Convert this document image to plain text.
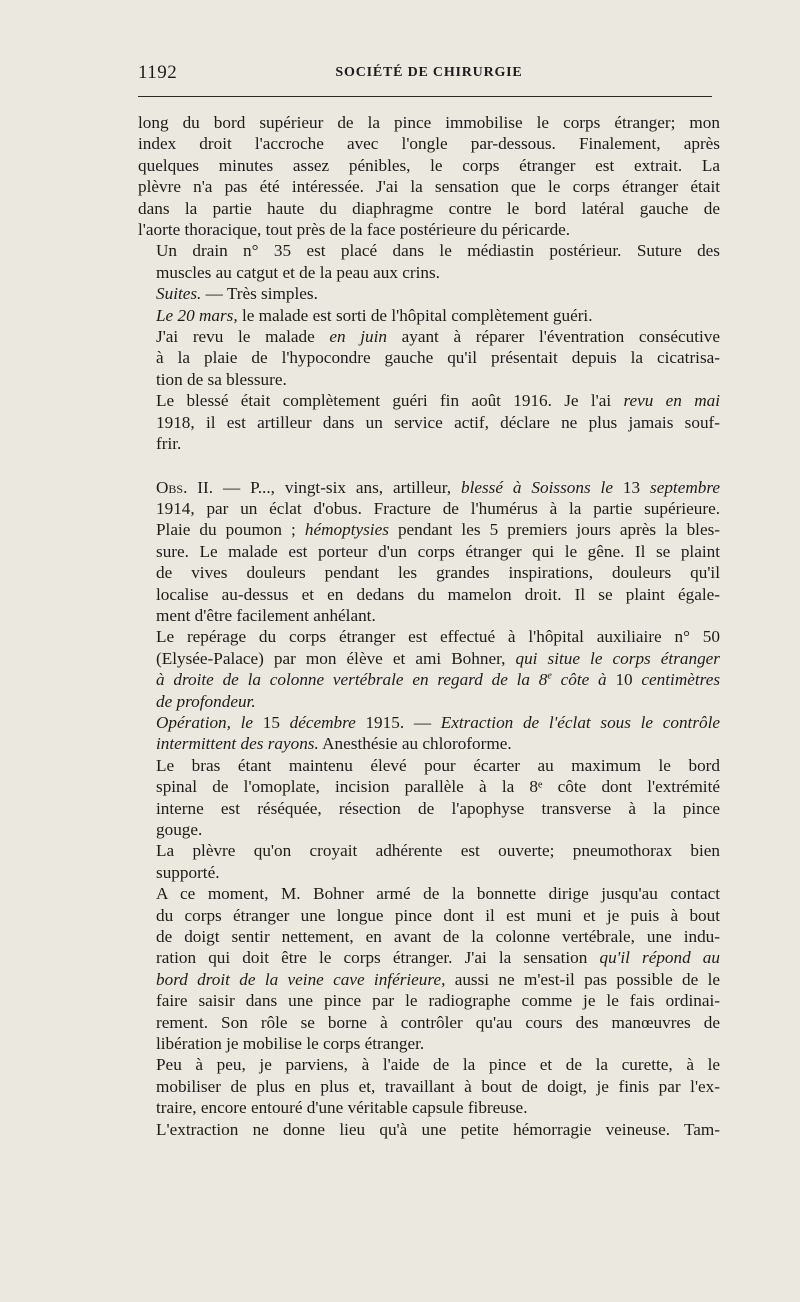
1192	SOCIÉTÉ DE CHIRURGIE

long du bord supérieur de la pince immobilise le corps étranger; mon
index droit l'accroche avec l'ongle par-dessous. Finalement, après
quelques minutes assez pénibles, le corps étranger est extrait. La
plèvre n'a pas été intéressée. J'ai la sensation que le corps étranger était
dans la partie haute du diaphragme contre le bord latéral gauche de
l'aorte thoracique, tout près de la face postérieure du péricarde.

Un drain n° 35 est placé dans le médiastin postérieur. Suture des
muscles au catgut et de la peau aux crins.

Suites. — Très simples.

Le 20 mars, le malade est sorti de l'hôpital complètement guéri.

J'ai revu le malade en juin ayant à réparer l'éventration consécutive
à la plaie de l'hypocondre gauche qu'il présentait depuis la cicatrisa-
tion de sa blessure.

Le blessé était complètement guéri fin août 1916. Je l'ai revu en mai
1918, il est artilleur dans un service actif, déclare ne plus jamais souf-
frir.

Obs. II. — P..., vingt-six ans, artilleur, blessé à Soissons le 13 septembre
1914, par un éclat d'obus. Fracture de l'humérus à la partie supérieure.
Plaie du poumon ; hémoptysies pendant les 5 premiers jours après la bles-
sure. Le malade est porteur d'un corps étranger qui le gêne. Il se plaint
de vives douleurs pendant les grandes inspirations, douleurs qu'il
localise au-dessus et en dedans du mamelon droit. Il se plaint égale-
ment d'être facilement anhélant.

Le repérage du corps étranger est effectué à l'hôpital auxiliaire n° 50
(Elysée-Palace) par mon élève et ami Bohner, qui situe le corps étranger
à droite de la colonne vertébrale en regard de la 8e côte à 10 centimètres
de profondeur.

Opération, le 15 décembre 1915. — Extraction de l'éclat sous le contrôle
intermittent des rayons. Anesthésie au chloroforme.

Le bras étant maintenu élevé pour écarter au maximum le bord
spinal de l'omoplate, incision parallèle à la 8ᵉ côte dont l'extrémité
interne est réséquée, résection de l'apophyse transverse à la pince
gouge.

La plèvre qu'on croyait adhérente est ouverte; pneumothorax bien
supporté.

A ce moment, M. Bohner armé de la bonnette dirige jusqu'au contact
du corps étranger une longue pince dont il est muni et je puis à bout
de doigt sentir nettement, en avant de la colonne vertébrale, une indu-
ration qui doit être le corps étranger. J'ai la sensation qu'il répond au
bord droit de la veine cave inférieure, aussi ne m'est-il pas possible de le
faire saisir dans une pince par le radiographe comme je le fais ordinai-
rement. Son rôle se borne à contrôler qu'au cours des manœuvres de
libération je mobilise le corps étranger.

Peu à peu, je parviens, à l'aide de la pince et de la curette, à le
mobiliser de plus en plus et, travaillant à bout de doigt, je finis par l'ex-
traire, encore entouré d'une véritable capsule fibreuse.

L'extraction ne donne lieu qu'à une petite hémorragie veineuse. Tam-
